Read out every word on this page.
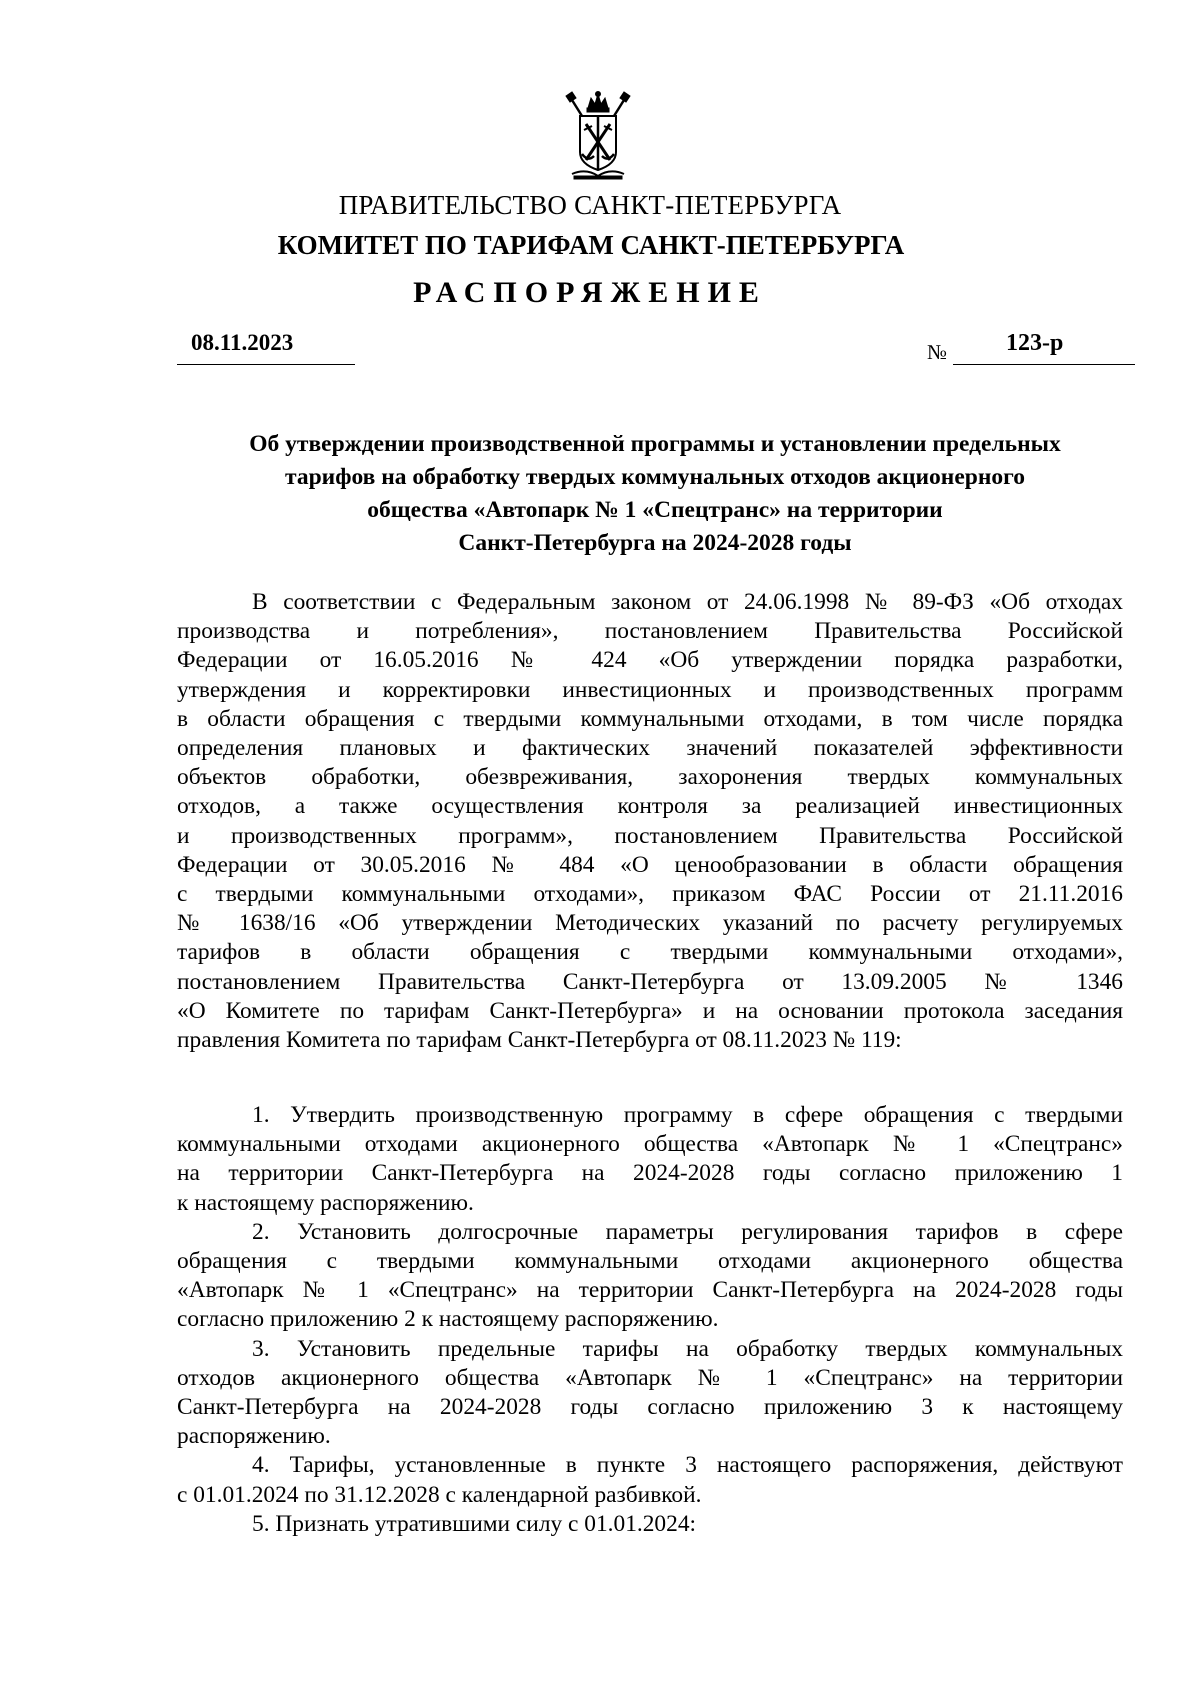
ПРАВИТЕЛЬСТВО САНКТ-ПЕТЕРБУРГА
КОМИТЕТ ПО ТАРИФАМ САНКТ-ПЕТЕРБУРГА
РАСПОРЯЖЕНИЕ
08.11.2023	№ 123-р
Об утверждении производственной программы и установлении предельных
тарифов на обработку твердых коммунальных отходов акционерного
общества «Автопарк № 1 «Спецтранс» на территории
Санкт-Петербурга на 2024-2028 годы
В соответствии с Федеральным законом от 24.06.1998 № 89-ФЗ «Об отходах
производства и потребления», постановлением Правительства Российской
Федерации от 16.05.2016 № 424 «Об утверждении порядка разработки,
утверждения и корректировки инвестиционных и производственных программ
в области обращения с твердыми коммунальными отходами, в том числе порядка
определения плановых и фактических значений показателей эффективности
объектов обработки, обезвреживания, захоронения твердых коммунальных
отходов, а также осуществления контроля за реализацией инвестиционных
и производственных программ», постановлением Правительства Российской
Федерации от 30.05.2016 № 484 «О ценообразовании в области обращения
с твердыми коммунальными отходами», приказом ФАС России от 21.11.2016
№ 1638/16 «Об утверждении Методических указаний по расчету регулируемых
тарифов в области обращения с твердыми коммунальными отходами»,
постановлением Правительства Санкт-Петербурга от 13.09.2005 № 1346
«О Комитете по тарифам Санкт-Петербурга» и на основании протокола заседания
правления Комитета по тарифам Санкт-Петербурга от 08.11.2023 № 119:
1. Утвердить производственную программу в сфере обращения с твердыми
коммунальными отходами акционерного общества «Автопарк № 1 «Спецтранс»
на территории Санкт-Петербурга на 2024-2028 годы согласно приложению 1
к настоящему распоряжению.
2. Установить долгосрочные параметры регулирования тарифов в сфере
обращения с твердыми коммунальными отходами акционерного общества
«Автопарк № 1 «Спецтранс» на территории Санкт-Петербурга на 2024-2028 годы
согласно приложению 2 к настоящему распоряжению.
3. Установить предельные тарифы на обработку твердых коммунальных
отходов акционерного общества «Автопарк № 1 «Спецтранс» на территории
Санкт-Петербурга на 2024-2028 годы согласно приложению 3 к настоящему
распоряжению.
4. Тарифы, установленные в пункте 3 настоящего распоряжения, действуют
с 01.01.2024 по 31.12.2028 с календарной разбивкой.
5. Признать утратившими силу с 01.01.2024:
